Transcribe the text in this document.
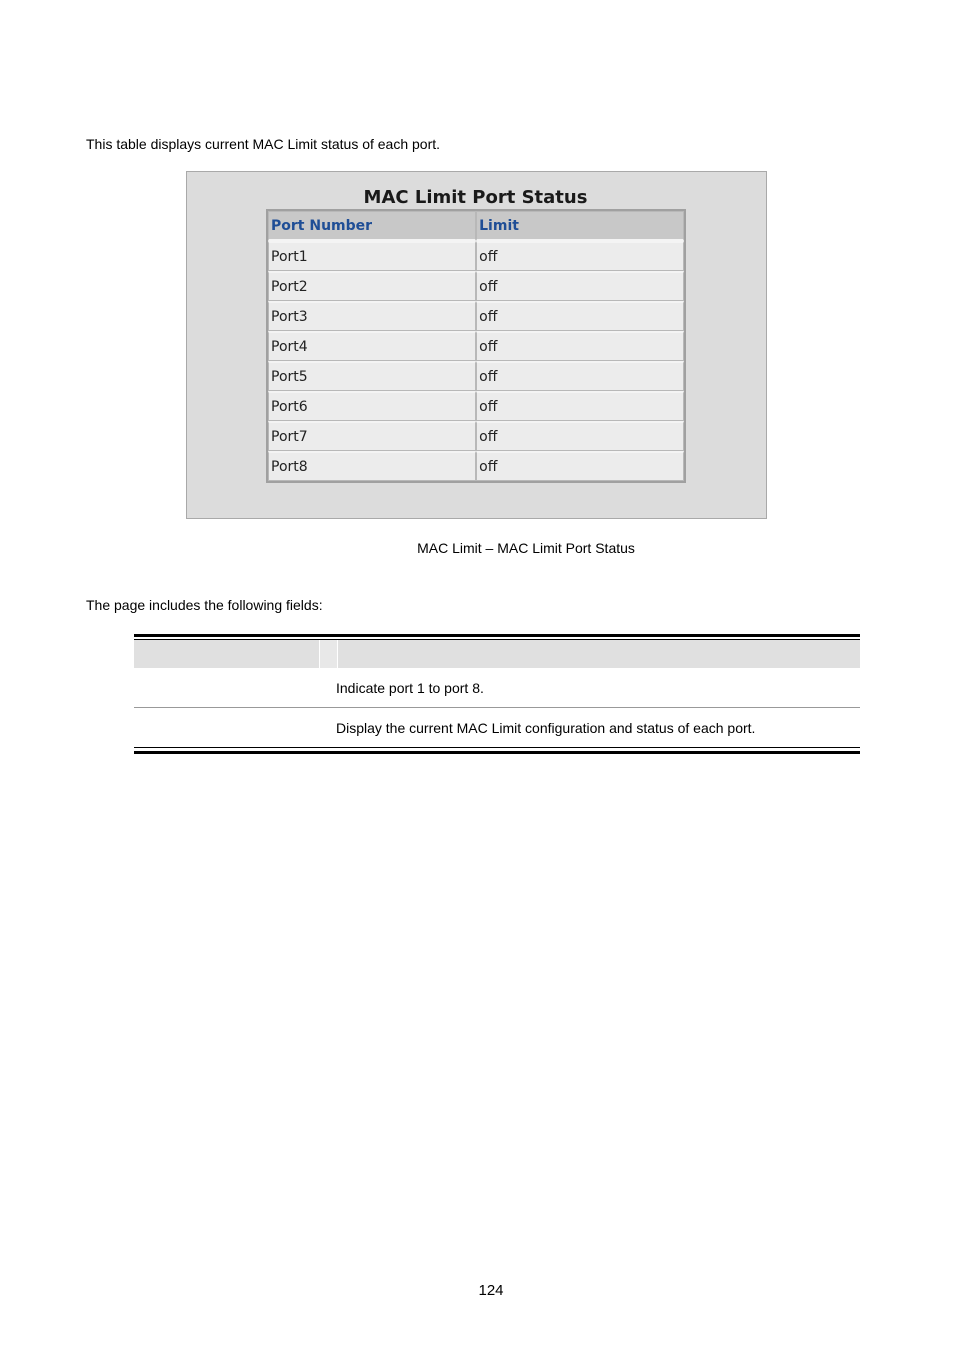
This table displays current MAC Limit status of each port.

MAC Limit Port Status
Port Number	Limit
Port1	off
Port2	off
Port3	off
Port4	off
Port5	off
Port6	off
Port7	off
Port8	off

MAC Limit – MAC Limit Port Status

The page includes the following fields:

Indicate port 1 to port 8.
Display the current MAC Limit configuration and status of each port.

124
